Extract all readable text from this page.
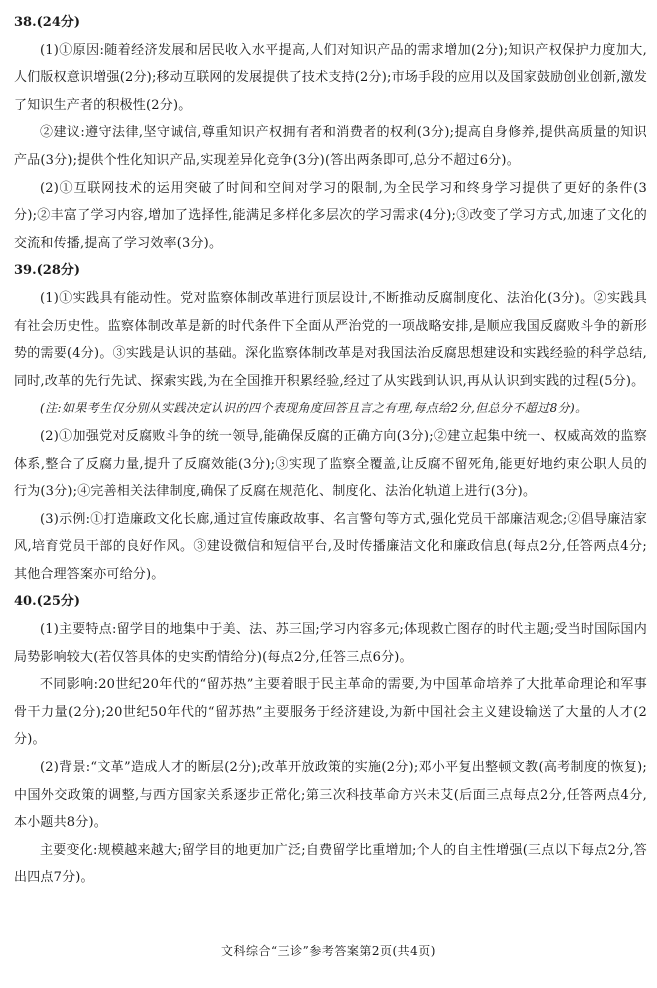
38.(24分)

(1)①原因:随着经济发展和居民收入水平提高,人们对知识产品的需求增加(2分);知识产权保护力度加大,人们版权意识增强(2分);移动互联网的发展提供了技术支持(2分);市场手段的应用以及国家鼓励创业创新,激发了知识生产者的积极性(2分)。

②建议:遵守法律,坚守诚信,尊重知识产权拥有者和消费者的权利(3分);提高自身修养,提供高质量的知识产品(3分);提供个性化知识产品,实现差异化竞争(3分)(答出两条即可,总分不超过6分)。

(2)①互联网技术的运用突破了时间和空间对学习的限制,为全民学习和终身学习提供了更好的条件(3分);②丰富了学习内容,增加了选择性,能满足多样化多层次的学习需求(4分);③改变了学习方式,加速了文化的交流和传播,提高了学习效率(3分)。

39.(28分)

(1)①实践具有能动性。党对监察体制改革进行顶层设计,不断推动反腐制度化、法治化(3分)。②实践具有社会历史性。监察体制改革是新的时代条件下全面从严治党的一项战略安排,是顺应我国反腐败斗争的新形势的需要(4分)。③实践是认识的基础。深化监察体制改革是对我国法治反腐思想建设和实践经验的科学总结,同时,改革的先行先试、探索实践,为在全国推开积累经验,经过了从实践到认识,再从认识到实践的过程(5分)。

(注:如果考生仅分别从实践决定认识的四个表现角度回答且言之有理,每点给2分,但总分不超过8分)。

(2)①加强党对反腐败斗争的统一领导,能确保反腐的正确方向(3分);②建立起集中统一、权威高效的监察体系,整合了反腐力量,提升了反腐效能(3分);③实现了监察全覆盖,让反腐不留死角,能更好地约束公职人员的行为(3分);④完善相关法律制度,确保了反腐在规范化、制度化、法治化轨道上进行(3分)。

(3)示例:①打造廉政文化长廊,通过宣传廉政故事、名言警句等方式,强化党员干部廉洁观念;②倡导廉洁家风,培育党员干部的良好作风。③建设微信和短信平台,及时传播廉洁文化和廉政信息(每点2分,任答两点4分;其他合理答案亦可给分)。

40.(25分)

(1)主要特点:留学目的地集中于美、法、苏三国;学习内容多元;体现救亡图存的时代主题;受当时国际国内局势影响较大(若仅答具体的史实酌情给分)(每点2分,任答三点6分)。

不同影响:20世纪20年代的“留苏热”主要着眼于民主革命的需要,为中国革命培养了大批革命理论和军事骨干力量(2分);20世纪50年代的“留苏热”主要服务于经济建设,为新中国社会主义建设输送了大量的人才(2分)。

(2)背景:“文革”造成人才的断层(2分);改革开放政策的实施(2分);邓小平复出整顿文教(高考制度的恢复);中国外交政策的调整,与西方国家关系逐步正常化;第三次科技革命方兴未艾(后面三点每点2分,任答两点4分,本小题共8分)。

主要变化:规模越来越大;留学目的地更加广泛;自费留学比重增加;个人的自主性增强(三点以下每点2分,答出四点7分)。

文科综合“三诊”参考答案第2页(共4页)
